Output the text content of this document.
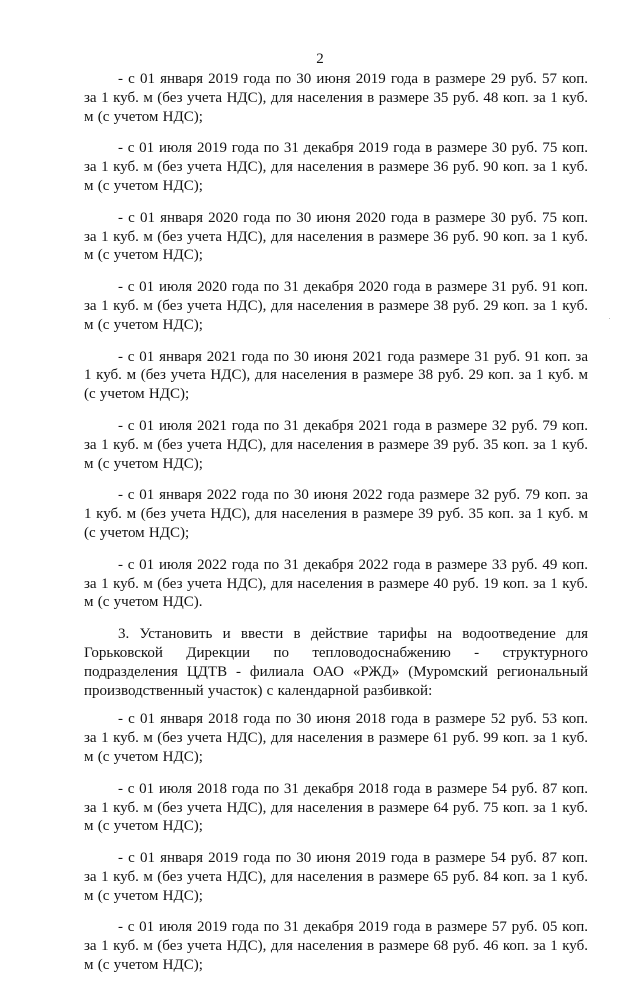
2

- с 01 января 2019 года по 30 июня 2019 года в размере 29 руб. 57 коп. за 1 куб. м (без учета НДС), для населения в размере 35 руб. 48 коп. за 1 куб. м (с учетом НДС);

- с 01 июля 2019 года по 31 декабря 2019 года в размере 30 руб. 75 коп. за 1 куб. м (без учета НДС), для населения в размере 36 руб. 90 коп. за 1 куб. м (с учетом НДС);

- с 01 января 2020 года по 30 июня 2020 года в размере 30 руб. 75 коп. за 1 куб. м (без учета НДС), для населения в размере 36 руб. 90 коп. за 1 куб. м (с учетом НДС);

- с 01 июля 2020 года по 31 декабря 2020 года в размере 31 руб. 91 коп. за 1 куб. м (без учета НДС), для населения в размере 38 руб. 29 коп. за 1 куб. м (с учетом НДС);

- с 01 января 2021 года по 30 июня 2021 года размере 31 руб. 91 коп. за 1 куб. м (без учета НДС), для населения в размере 38 руб. 29 коп. за 1 куб. м (с учетом НДС);

- с 01 июля 2021 года по 31 декабря 2021 года в размере 32 руб. 79 коп. за 1 куб. м (без учета НДС), для населения в размере 39 руб. 35 коп. за 1 куб. м (с учетом НДС);

- с 01 января 2022 года по 30 июня 2022 года размере 32 руб. 79 коп. за 1 куб. м (без учета НДС), для населения в размере 39 руб. 35 коп. за 1 куб. м (с учетом НДС);

- с 01 июля 2022 года по 31 декабря 2022 года в размере 33 руб. 49 коп. за 1 куб. м (без учета НДС), для населения в размере 40 руб. 19 коп. за 1 куб. м (с учетом НДС).

3. Установить и ввести в действие тарифы на водоотведение для Горьковской Дирекции по тепловодоснабжению - структурного подразделения ЦДТВ - филиала ОАО «РЖД» (Муромский региональный производственный участок) с календарной разбивкой:

- с 01 января 2018 года по 30 июня 2018 года в размере 52 руб. 53 коп. за 1 куб. м (без учета НДС), для населения в размере 61 руб. 99 коп. за 1 куб. м (с учетом НДС);

- с 01 июля 2018 года по 31 декабря 2018 года в размере 54 руб. 87 коп. за 1 куб. м (без учета НДС), для населения в размере 64 руб. 75 коп. за 1 куб. м (с учетом НДС);

- с 01 января 2019 года по 30 июня 2019 года в размере 54 руб. 87 коп. за 1 куб. м (без учета НДС), для населения в размере 65 руб. 84 коп. за 1 куб. м (с учетом НДС);

- с 01 июля 2019 года по 31 декабря 2019 года в размере 57 руб. 05 коп. за 1 куб. м (без учета НДС), для населения в размере 68 руб. 46 коп. за 1 куб. м (с учетом НДС);
